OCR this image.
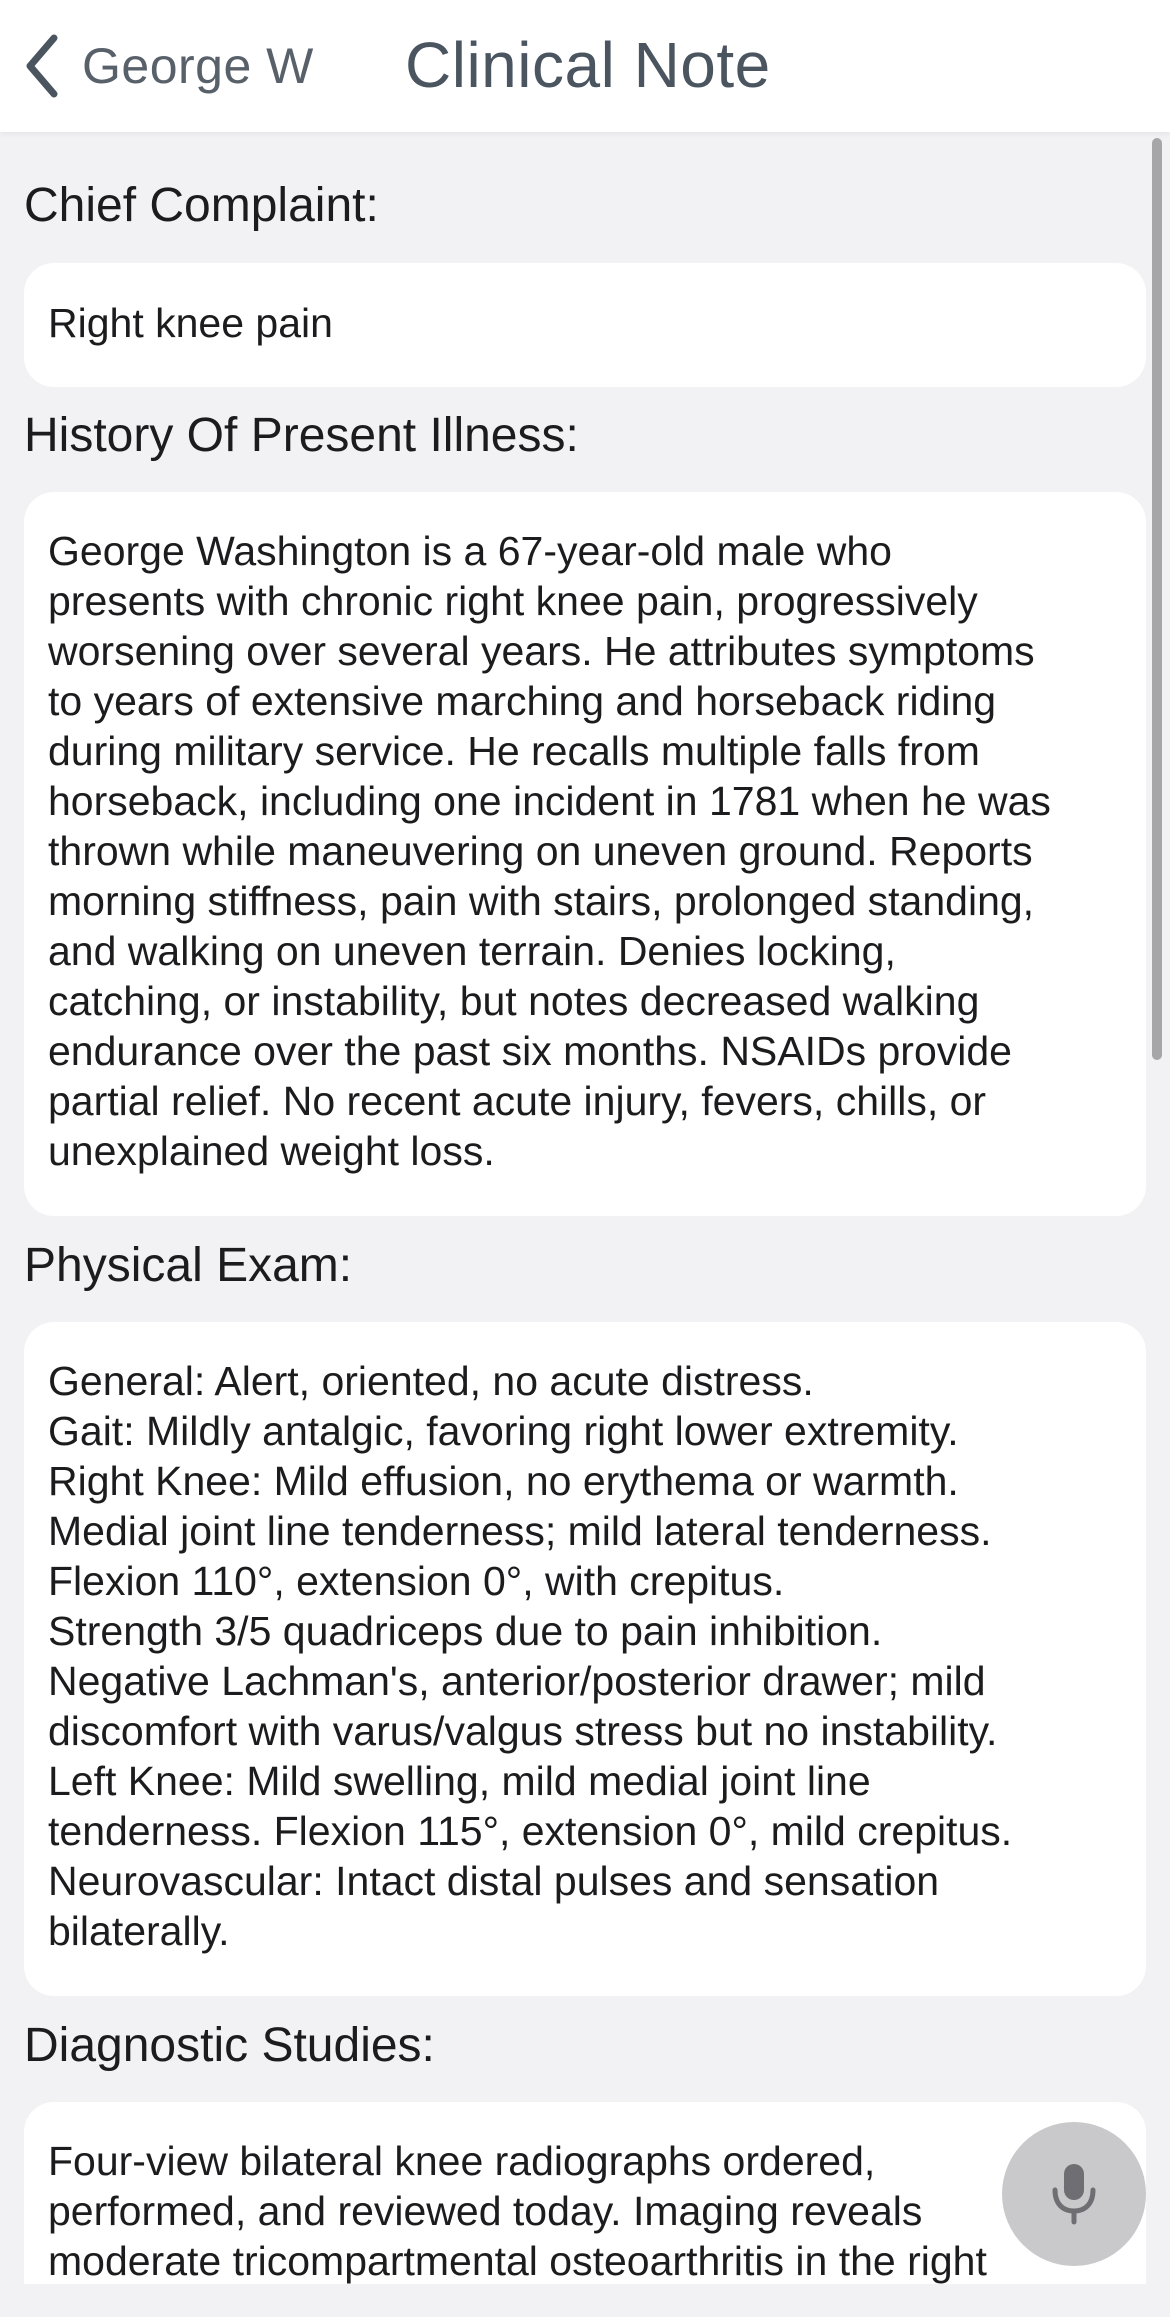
George W Clinical Note
Chief Complaint:
Right knee pain
History Of Present Illness:
George Washington is a 67-year-old male who
presents with chronic right knee pain, progressively
worsening over several years. He attributes symptoms
to years of extensive marching and horseback riding
during military service. He recalls multiple falls from
horseback, including one incident in 1781 when he was
thrown while maneuvering on uneven ground. Reports
morning stiffness, pain with stairs, prolonged standing,
and walking on uneven terrain. Denies locking,
catching, or instability, but notes decreased walking
endurance over the past six months. NSAIDs provide
partial relief. No recent acute injury, fevers, chills, or
unexplained weight loss.
Physical Exam:
General: Alert, oriented, no acute distress.
Gait: Mildly antalgic, favoring right lower extremity.
Right Knee: Mild effusion, no erythema or warmth.
Medial joint line tenderness; mild lateral tenderness.
Flexion 110°, extension 0°, with crepitus.
Strength 3/5 quadriceps due to pain inhibition.
Negative Lachman's, anterior/posterior drawer; mild
discomfort with varus/valgus stress but no instability.
Left Knee: Mild swelling, mild medial joint line
tenderness. Flexion 115°, extension 0°, mild crepitus.
Neurovascular: Intact distal pulses and sensation
bilaterally.
Diagnostic Studies:
Four-view bilateral knee radiographs ordered,
performed, and reviewed today. Imaging reveals
moderate tricompartmental osteoarthritis in the right
